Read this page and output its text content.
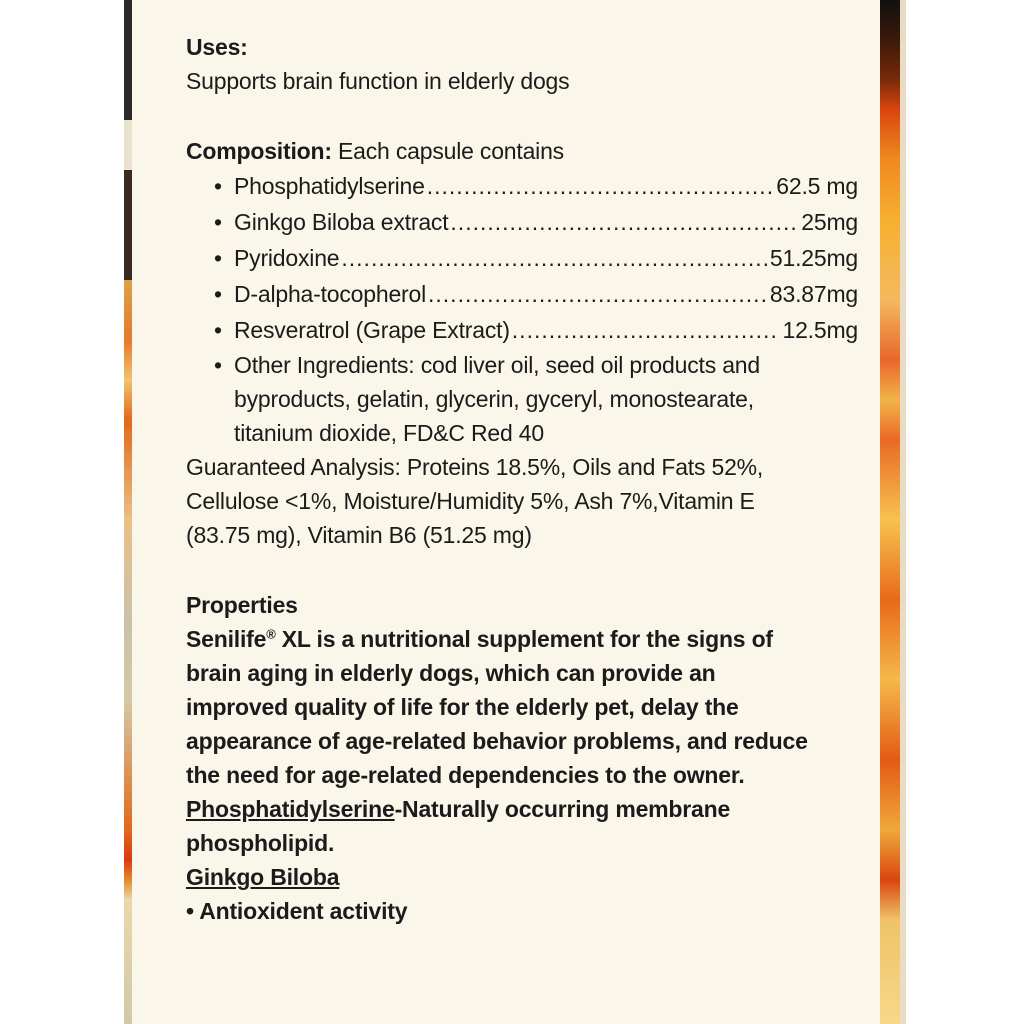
Uses:
Supports brain function in elderly dogs
Composition: Each capsule contains
• Phosphatidylserine .....	62.5 mg
• Ginkgo Biloba extract .....	25mg
• Pyridoxine .....	51.25mg
• D-alpha-tocopherol .....	83.87mg
• Resveratrol (Grape Extract) .....	12.5mg
• Other Ingredients: cod liver oil, seed oil products and
byproducts, gelatin, glycerin, gyceryl, monostearate,
titanium dioxide, FD&C Red 40
Guaranteed Analysis: Proteins 18.5%, Oils and Fats 52%,
Cellulose <1%, Moisture/Humidity 5%, Ash 7%,Vitamin E
(83.75 mg), Vitamin B6 (51.25 mg)
Properties
Senilife® XL is a nutritional supplement for the signs of
brain aging in elderly dogs, which can provide an
improved quality of life for the elderly pet, delay the
appearance of age-related behavior problems, and reduce
the need for age-related dependencies to the owner.
Phosphatidylserine-Naturally occurring membrane
phospholipid.
Ginkgo Biloba
• Antioxident activity
